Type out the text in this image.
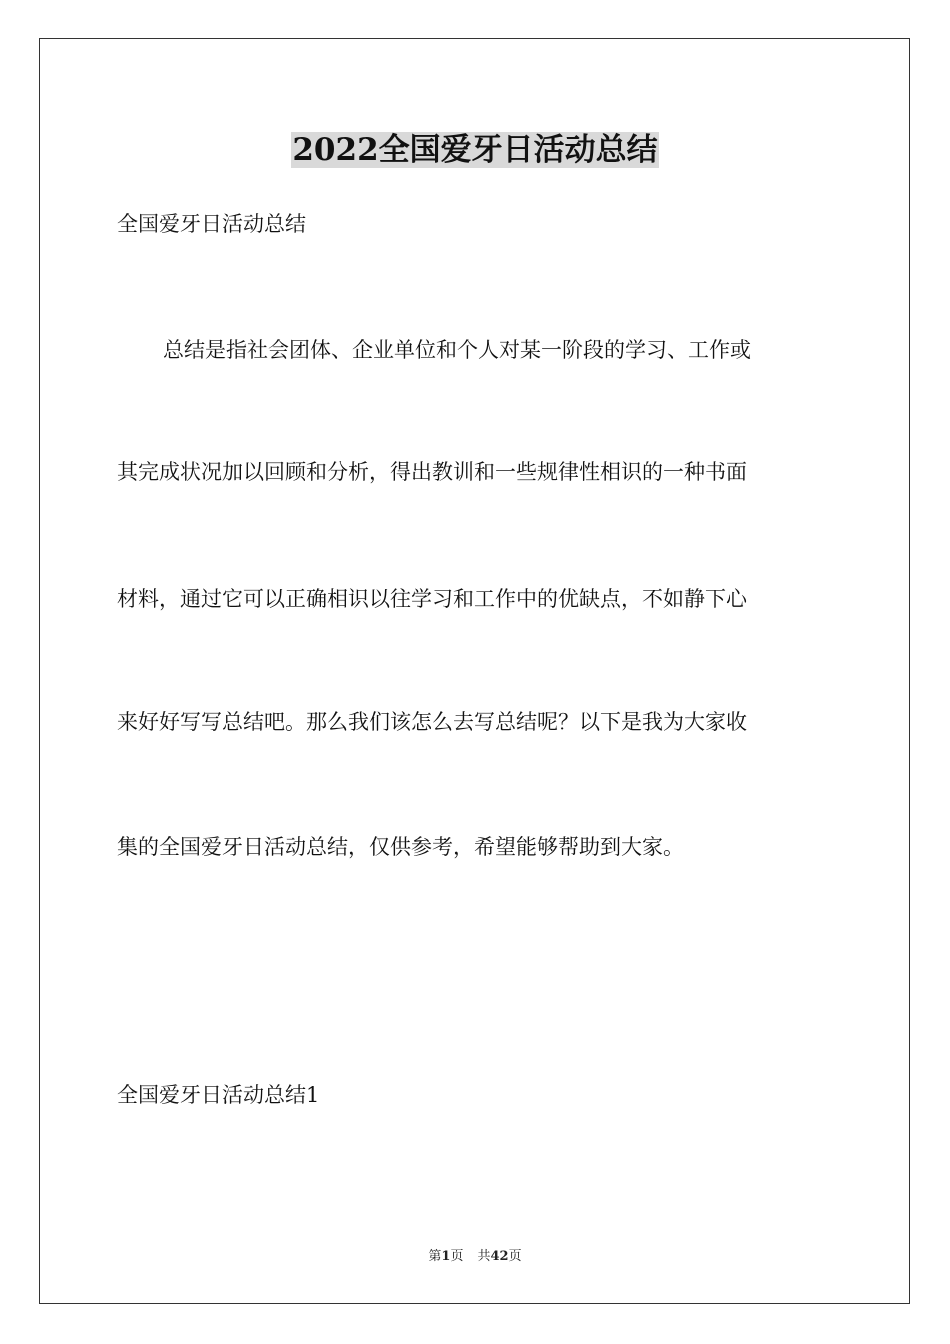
2022全国爱牙日活动总结

全国爱牙日活动总结

总结是指社会团体、企业单位和个人对某一阶段的学习、工作或

其完成状况加以回顾和分析，得出教训和一些规律性相识的一种书面

材料，通过它可以正确相识以往学习和工作中的优缺点，不如静下心

来好好写写总结吧。那么我们该怎么去写总结呢？以下是我为大家收

集的全国爱牙日活动总结，仅供参考，希望能够帮助到大家。

全国爱牙日活动总结1

第1页 共42页
